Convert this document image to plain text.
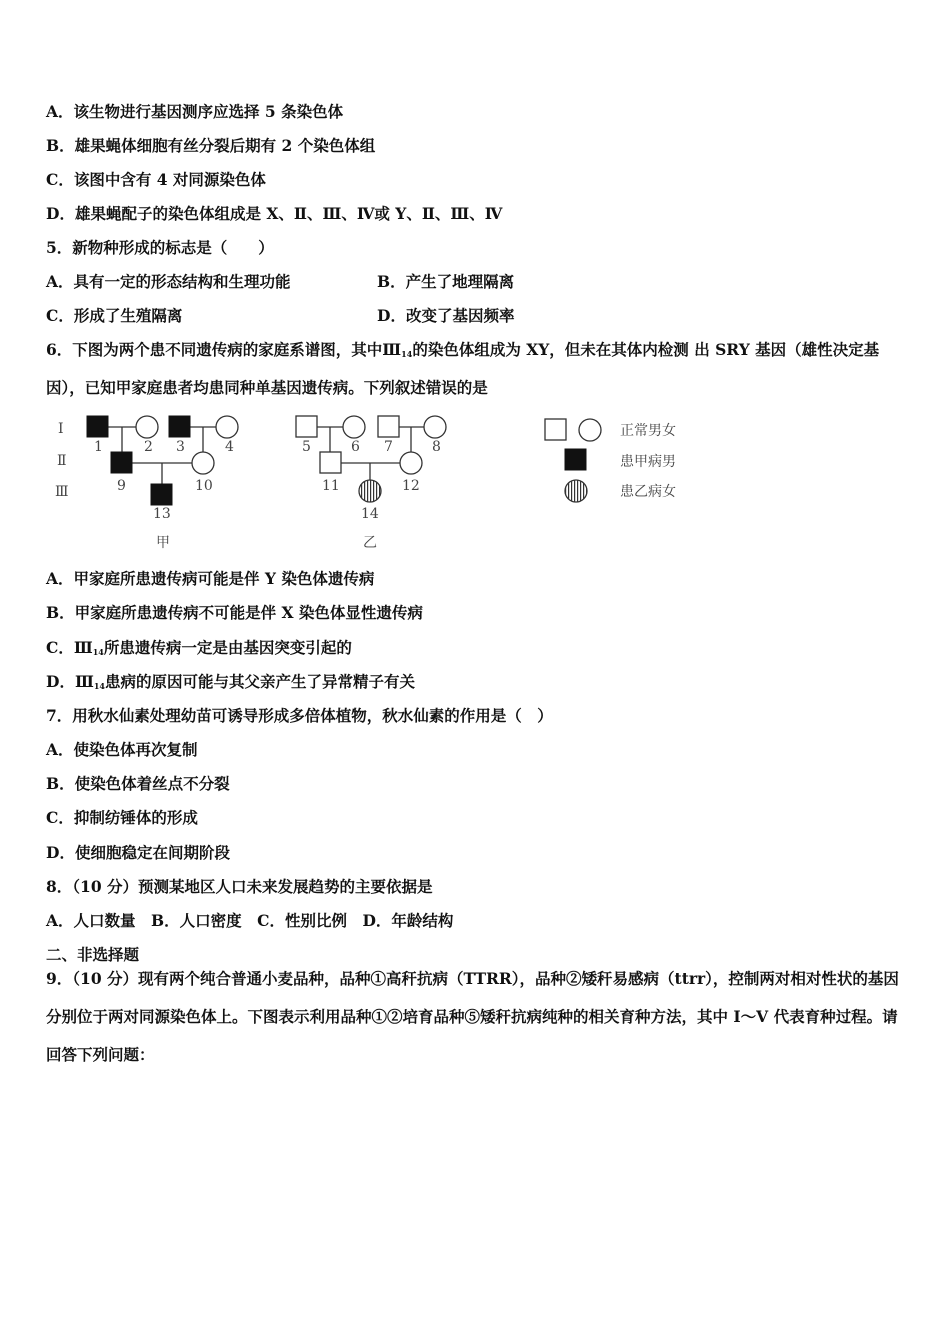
A．该生物进行基因测序应选择 5 条染色体
B．雄果蝇体细胞有丝分裂后期有 2 个染色体组
C．该图中含有 4 对同源染色体
D．雄果蝇配子的染色体组成是 X、Ⅱ、Ⅲ、Ⅳ或 Y、Ⅱ、Ⅲ、Ⅳ
5．新物种形成的标志是（　　）
A．具有一定的形态结构和生理功能	B．产生了地理隔离
C．形成了生殖隔离	D．改变了基因频率
6．下图为两个患不同遗传病的家庭系谱图，其中$Ⅲ_{14}$的染色体组成为 XY，但未在其体内检测 出 SRY 基因（雄性决定基因），已知甲家庭患者均患同种单基因遗传病。下列叙述错误的是
Ⅰ
Ⅱ
Ⅲ
1	2 3	4
9	10
13
甲
5	6 7	8
11	12
14
乙
正常男女
患甲病男
患乙病女
A．甲家庭所患遗传病可能是伴 Y 染色体遗传病
B．甲家庭所患遗传病不可能是伴 X 染色体显性遗传病
C．$Ⅲ_{14}$所患遗传病一定是由基因突变引起的
D．$Ⅲ_{14}$患病的原因可能与其父亲产生了异常精子有关
7．用秋水仙素处理幼苗可诱导形成多倍体植物，秋水仙素的作用是（　）
A．使染色体再次复制
B．使染色体着丝点不分裂
C．抑制纺锤体的形成
D．使细胞稳定在间期阶段
8．（10 分）预测某地区人口未来发展趋势的主要依据是
A．人口数量　B．人口密度　C．性别比例　D．年龄结构
二、非选择题
9．（10 分）现有两个纯合普通小麦品种，品种①高秆抗病（TTRR），品种②矮秆易感病（ttrr），控制两对相对性状的基因分别位于两对同源染色体上。下图表示利用品种①②培育品种⑤矮秆抗病纯种的相关育种方法，其中 I～V 代表育种过程。请回答下列问题：
